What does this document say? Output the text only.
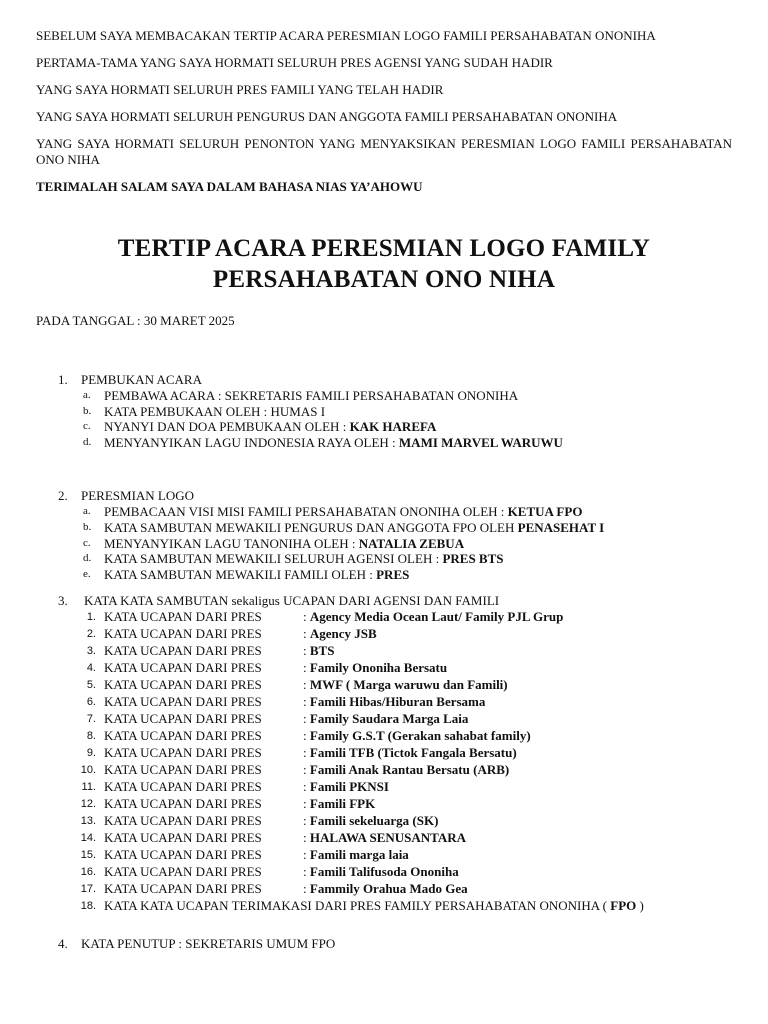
SEBELUM SAYA MEMBACAKAN TERTIP ACARA PERESMIAN LOGO FAMILI PERSAHABATAN ONONIHA

PERTAMA-TAMA YANG SAYA HORMATI SELURUH PRES AGENSI YANG SUDAH HADIR

YANG SAYA HORMATI SELURUH PRES FAMILI YANG TELAH HADIR

YANG SAYA HORMATI SELURUH PENGURUS DAN ANGGOTA FAMILI PERSAHABATAN ONONIHA

YANG SAYA HORMATI SELURUH PENONTON YANG MENYAKSIKAN PERESMIAN LOGO FAMILI PERSAHABATAN ONO NIHA

TERIMALAH SALAM SAYA DALAM BAHASA NIAS YA’AHOWU

TERTIP ACARA PERESMIAN LOGO FAMILY
PERSAHABATAN ONO NIHA
PADA TANGGAL : 30 MARET 2025
1. PEMBUKAN ACARA
a. PEMBAWA ACARA : SEKRETARIS FAMILI PERSAHABATAN ONONIHA
b. KATA PEMBUKAAN OLEH : HUMAS I
c. NYANYI DAN DOA PEMBUKAAN OLEH : KAK HAREFA
d. MENYANYIKAN LAGU INDONESIA RAYA OLEH : MAMI MARVEL WARUWU
2. PERESMIAN LOGO
a. PEMBACAAN VISI MISI FAMILI PERSAHABATAN ONONIHA OLEH : KETUA FPO
b. KATA SAMBUTAN MEWAKILI PENGURUS DAN ANGGOTA FPO OLEH PENASEHAT I
c. MENYANYIKAN LAGU TANONIHA OLEH : NATALIA ZEBUA
d. KATA SAMBUTAN MEWAKILI SELURUH AGENSI OLEH : PRES BTS
e. KATA SAMBUTAN MEWAKILI FAMILI OLEH : PRES
3. KATA KATA SAMBUTAN sekaligus UCAPAN DARI AGENSI DAN FAMILI
1. KATA UCAPAN DARI PRES	: Agency Media Ocean Laut/ Family PJL Grup
2. KATA UCAPAN DARI PRES	: Agency JSB
3. KATA UCAPAN DARI PRES	: BTS
4. KATA UCAPAN DARI PRES	: Family Ononiha Bersatu
5. KATA UCAPAN DARI PRES	: MWF ( Marga waruwu dan Famili)
6. KATA UCAPAN DARI PRES	: Famili Hibas/Hiburan Bersama
7. KATA UCAPAN DARI PRES	: Family Saudara Marga Laia
8. KATA UCAPAN DARI PRES	: Family G.S.T (Gerakan sahabat family)
9. KATA UCAPAN DARI PRES	: Famili TFB (Tictok Fangala Bersatu)
10. KATA UCAPAN DARI PRES	: Famili Anak Rantau Bersatu (ARB)
11. KATA UCAPAN DARI PRES	: Famili PKNSI
12. KATA UCAPAN DARI PRES	: Famili FPK
13. KATA UCAPAN DARI PRES	: Famili sekeluarga (SK)
14. KATA UCAPAN DARI PRES	: HALAWA SENUSANTARA
15. KATA UCAPAN DARI PRES	: Famili marga laia
16. KATA UCAPAN DARI PRES	: Famili Talifusoda Ononiha
17. KATA UCAPAN DARI PRES	: Fammily Orahua Mado Gea
18. KATA KATA UCAPAN TERIMAKASI DARI PRES FAMILY PERSAHABATAN ONONIHA ( FPO )
4. KATA PENUTUP : SEKRETARIS UMUM FPO
